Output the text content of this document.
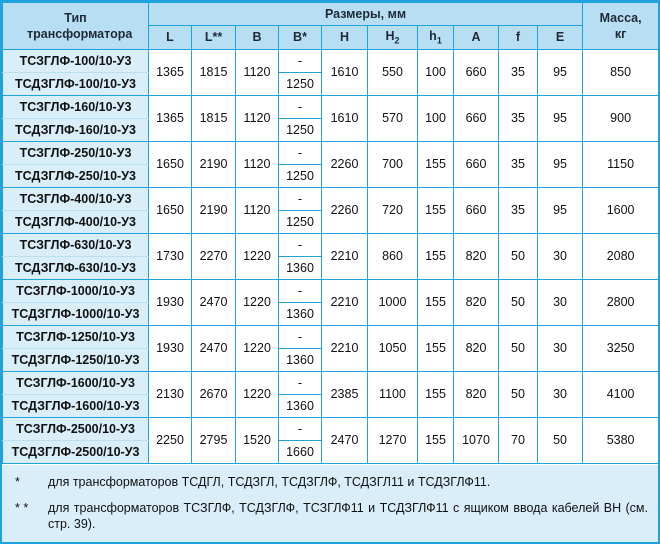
Тип трансформатора	Размеры, мм										Масса, кг
	L	L**	B	B*	H	$H_2$	$h_1$	A	f	E	
ТСЗГЛФ-100/10-У3	1365	1815	1120	-	1610	550	100	660	35	95	850
ТСДЗГЛФ-100/10-У3				1250							
ТСЗГЛФ-160/10-У3	1365	1815	1120	-	1610	570	100	660	35	95	900
ТСДЗГЛФ-160/10-У3				1250							
ТСЗГЛФ-250/10-У3	1650	2190	1120	-	2260	700	155	660	35	95	1150
ТСДЗГЛФ-250/10-У3				1250							
ТСЗГЛФ-400/10-У3	1650	2190	1120	-	2260	720	155	660	35	95	1600
ТСДЗГЛФ-400/10-У3				1250							
ТСЗГЛФ-630/10-У3	1730	2270	1220	-	2210	860	155	820	50	30	2080
ТСДЗГЛФ-630/10-У3				1360							
ТСЗГЛФ-1000/10-У3	1930	2470	1220	-	2210	1000	155	820	50	30	2800
ТСДЗГЛФ-1000/10-У3				1360							
ТСЗГЛФ-1250/10-У3	1930	2470	1220	-	2210	1050	155	820	50	30	3250
ТСДЗГЛФ-1250/10-У3				1360							
ТСЗГЛФ-1600/10-У3	2130	2670	1220	-	2385	1100	155	820	50	30	4100
ТСДЗГЛФ-1600/10-У3				1360							
ТСЗГЛФ-2500/10-У3	2250	2795	1520	-	2470	1270	155	1070	70	50	5380
ТСДЗГЛФ-2500/10-У3				1660							
* для трансформаторов ТСДГЛ, ТСДЗГЛ, ТСДЗГЛФ, ТСДЗГЛ11 и ТСДЗГЛФ11.
* * для трансформаторов ТСЗГЛФ, ТСДЗГЛФ, ТСЗГЛФ11 и ТСДЗГЛФ11 с ящиком ввода кабелей ВН (см. стр. 39).
